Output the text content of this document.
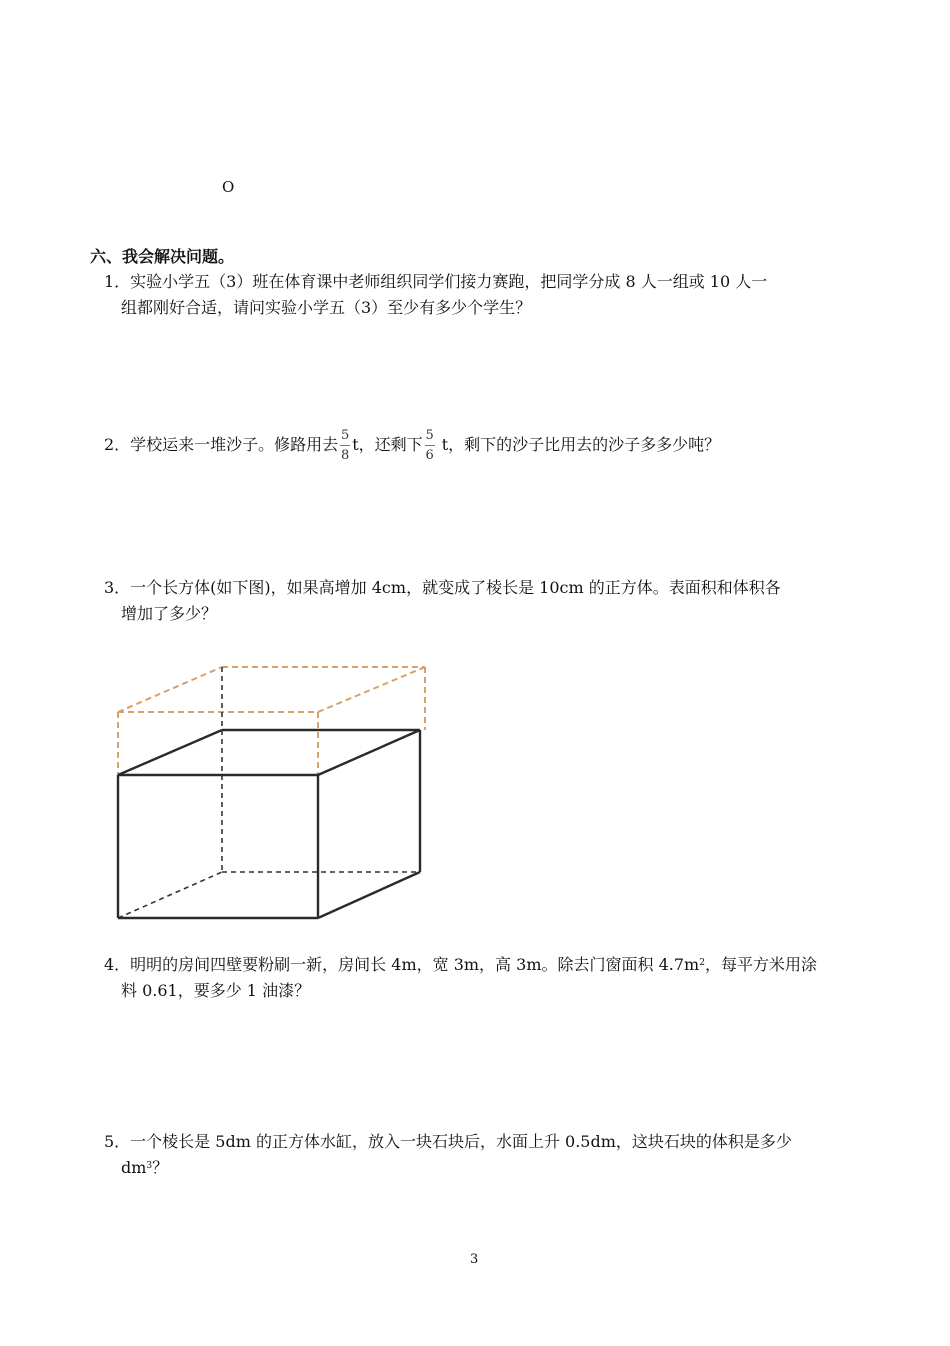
O
六、我会解决问题。
1．实验小学五（3）班在体育课中老师组织同学们接力赛跑，把同学分成 8 人一组或 10 人一
组都刚好合适，请问实验小学五（3）至少有多少个学生？
2．学校运来一堆沙子。修路用去 $\frac{5}{8}$ t，还剩下 $\frac{5}{6}$ t，剩下的沙子比用去的沙子多多少吨？
3．一个长方体(如下图)，如果高增加 4cm，就变成了棱长是 10cm 的正方体。表面积和体积各
增加了多少？
4．明明的房间四壁要粉刷一新，房间长 4m，宽 3m，高 3m。除去门窗面积 $4.7m^2$，每平方米用涂
料 0.61，要多少 1 油漆？
5．一个棱长是 5dm 的正方体水缸，放入一块石块后，水面上升 0.5dm，这块石块的体积是多少
$dm^3$？
3
